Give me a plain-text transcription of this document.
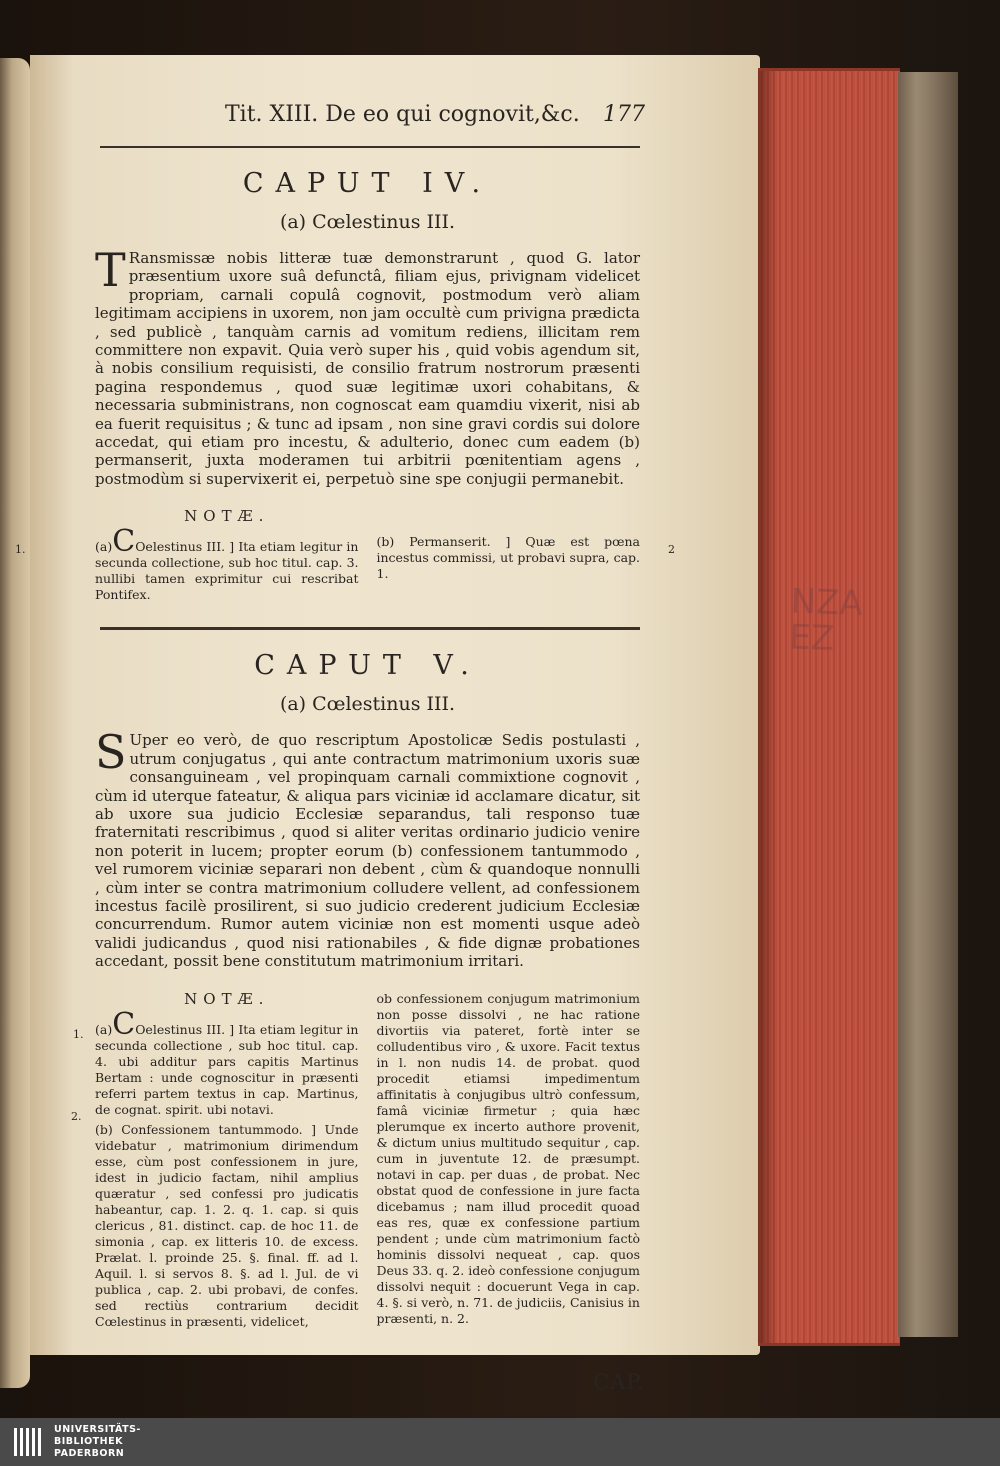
NZA EZ
Tit. XIII. De eo qui cognovit,&c. 177
CAPUT IV.
(a) Cœlestinus III.
T Ransmissæ nobis litteræ tuæ demonstrarunt , quod G. lator præsentium uxore suâ defunctâ, filiam ejus, privignam videlicet propriam, carnali copulâ cognovit, postmodum verò aliam legitimam accipiens in uxorem, non jam occultè cum privigna prædicta , sed publicè , tanquàm carnis ad vomitum rediens, illicitam rem committere non expavit. Quia verò super his , quid vobis agendum sit, à nobis consilium requisisti, de consilio fratrum nostrorum præsenti pagina respondemus , quod suæ legitimæ uxori cohabitans, & necessaria subministrans, non cognoscat eam quamdiu vixerit, nisi ab ea fuerit requisitus ; & tunc ad ipsam , non sine gravi cordis sui dolore accedat, qui etiam pro incestu, & adulterio, donec cum eadem (b) permanserit, juxta moderamen tui arbitrii pœnitentiam agens , postmodùm si supervixerit ei, perpetuò sine spe conjugii permanebit.
1.	2
NOTÆ.
(a)COelestinus III. ] Ita etiam legitur in secunda collectione, sub hoc titul. cap. 3. nullibi tamen exprimitur cui rescribat Pontifex.
(b) Permanserit. ] Quæ est pœna incestus commissi, ut probavi supra, cap. 1.
CAPUT V.
(a) Cœlestinus III.
S Uper eo verò, de quo rescriptum Apostolicæ Sedis postulasti , utrum conjugatus , qui ante contractum matrimonium uxoris suæ consanguineam , vel propinquam carnali commixtione cognovit , cùm id uterque fateatur, & aliqua pars viciniæ id acclamare dicatur, sit ab uxore sua judicio Ecclesiæ separandus, tali responso tuæ fraternitati rescribimus , quod si aliter veritas ordinario judicio venire non poterit in lucem; propter eorum (b) confessionem tantummodo , vel rumorem viciniæ separari non debent , cùm & quandoque nonnulli , cùm inter se contra matrimonium colludere vellent, ad confessionem incestus facilè prosilirent, si suo judicio crederent judicium Ecclesiæ concurrendum. Rumor autem viciniæ non est momenti usque adeò validi judicandus , quod nisi rationabiles , & fide dignæ probationes accedant, possit bene constitutum matrimonium irritari.
1.
2.
NOTÆ.
(a)COelestinus III. ] Ita etiam legitur in secunda collectione , sub hoc titul. cap. 4. ubi additur pars capitis Martinus Bertam : unde cognoscitur in præsenti referri partem textus in cap. Martinus, de cognat. spirit. ubi notavi.
(b) Confessionem tantummodo. ] Unde videbatur , matrimonium dirimendum esse, cùm post confessionem in jure, idest in judicio factam, nihil amplius quæratur , sed confessi pro judicatis habeantur, cap. 1. 2. q. 1. cap. si quis clericus , 81. distinct. cap. de hoc 11. de simonia , cap. ex litteris 10. de excess. Prælat. l. proinde 25. §. final. ff. ad l. Aquil. l. si servos 8. §. ad l. Jul. de vi publica , cap. 2. ubi probavi, de confes. sed rectiùs contrarium decidit Cœlestinus in præsenti, videlicet,
ob confessionem conjugum matrimonium non posse dissolvi , ne hac ratione divortiis via pateret, fortè inter se colludentibus viro , & uxore. Facit textus in l. non nudis 14. de probat. quod procedit etiamsi impedimentum affinitatis à conjugibus ultrò confessum, famâ viciniæ firmetur ; quia hæc plerumque ex incerto authore provenit, & dictum unius multitudo sequitur , cap. cum in juventute 12. de præsumpt. notavi in cap. per duas , de probat. Nec obstat quod de confessione in jure facta dicebamus ; nam illud procedit quoad eas res, quæ ex confessione partium pendent ; unde cùm matrimonium factò hominis dissolvi nequeat , cap. quos Deus 33. q. 2. ideò confessione conjugum dissolvi nequit : docuerunt Vega in cap. 4. §. si verò, n. 71. de judiciis, Canisius in præsenti, n. 2.
CAP.
UNIVERSITÄTS-
BIBLIOTHEK
PADERBORN
